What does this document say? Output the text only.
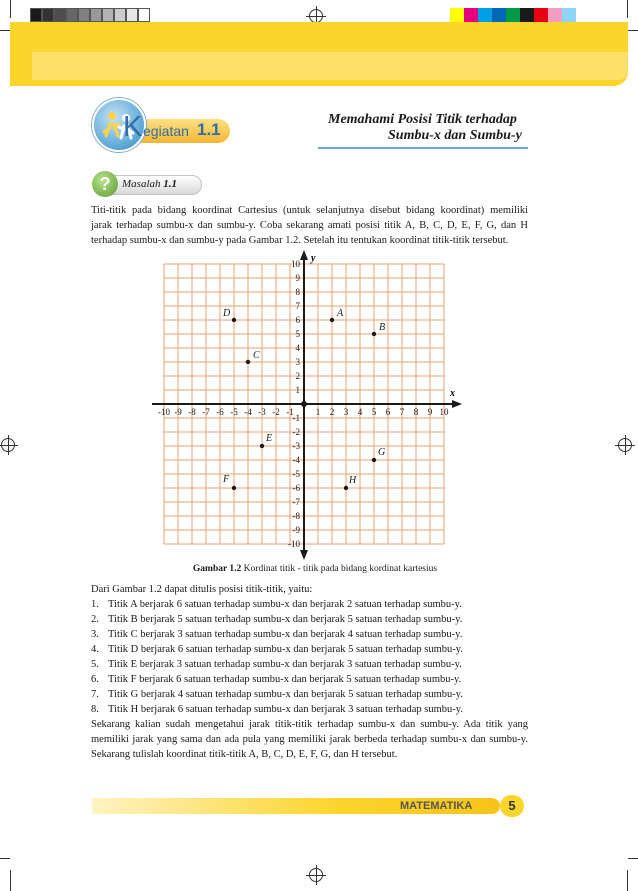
K egiatan 1.1
Memahami Posisi Titik terhadap
Sumbu-x dan Sumbu-y
?	Masalah 1.1

Titi-titik pada bidang koordinat Cartesius (untuk selanjutnya disebut bidang koordinat) memiliki
jarak terhadap sumbu-x dan sumbu-y. Coba sekarang amati posisi titik A, B, C, D, E, F, G, dan H
terhadap sumbu-x dan sumbu-y pada Gambar 1.2. Setelah itu tentukan koordinat titik-titik tersebut.

x
y
-10 -9 -8 -7 -6 -5 -4 -3 -2 -1 1 2 3 4 5 6 7 8 9 10
10
9
8
7
6
5
4
3
2
1
-1
-2
-3
-4
-5
-6
-7
-8
-9
-10
A
B
C
D
E
F
G
H
Gambar 1.2 Kordinat titik - titik pada bidang kordinat kartesius

Dari Gambar 1.2 dapat ditulis posisi titik-titik, yaitu:

1. Titik A berjarak 6 satuan terhadap sumbu-x dan berjarak 2 satuan terhadap sumbu-y.
2. Titik B berjarak 5 satuan terhadap sumbu-x dan berjarak 5 satuan terhadap sumbu-y.
3. Titik C berjarak 3 satuan terhadap sumbu-x dan berjarak 4 satuan terhadap sumbu-y.
4. Titik D berjarak 6 satuan terhadap sumbu-x dan berjarak 5 satuan terhadap sumbu-y.
5. Titik E berjarak 3 satuan terhadap sumbu-x dan berjarak 3 satuan terhadap sumbu-y.
6. Titik F berjarak 6 satuan terhadap sumbu-x dan berjarak 5 satuan terhadap sumbu-y.
7. Titik G berjarak 4 satuan terhadap sumbu-x dan berjarak 5 satuan terhadap sumbu-y.
8. Titik H berjarak 6 satuan terhadap sumbu-x dan berjarak 3 satuan terhadap sumbu-y.

Sekarang kalian sudah mengetahui jarak titik-titik terhadap sumbu-x dan sumbu-y. Ada titik yang
memiliki jarak yang sama dan ada pula yang memiliki jarak berbeda terhadap sumbu-x dan sumbu-y.
Sekarang tulislah koordinat titik-titik A, B, C, D, E, F, G, dan H tersebut.

MATEMATIKA	5
